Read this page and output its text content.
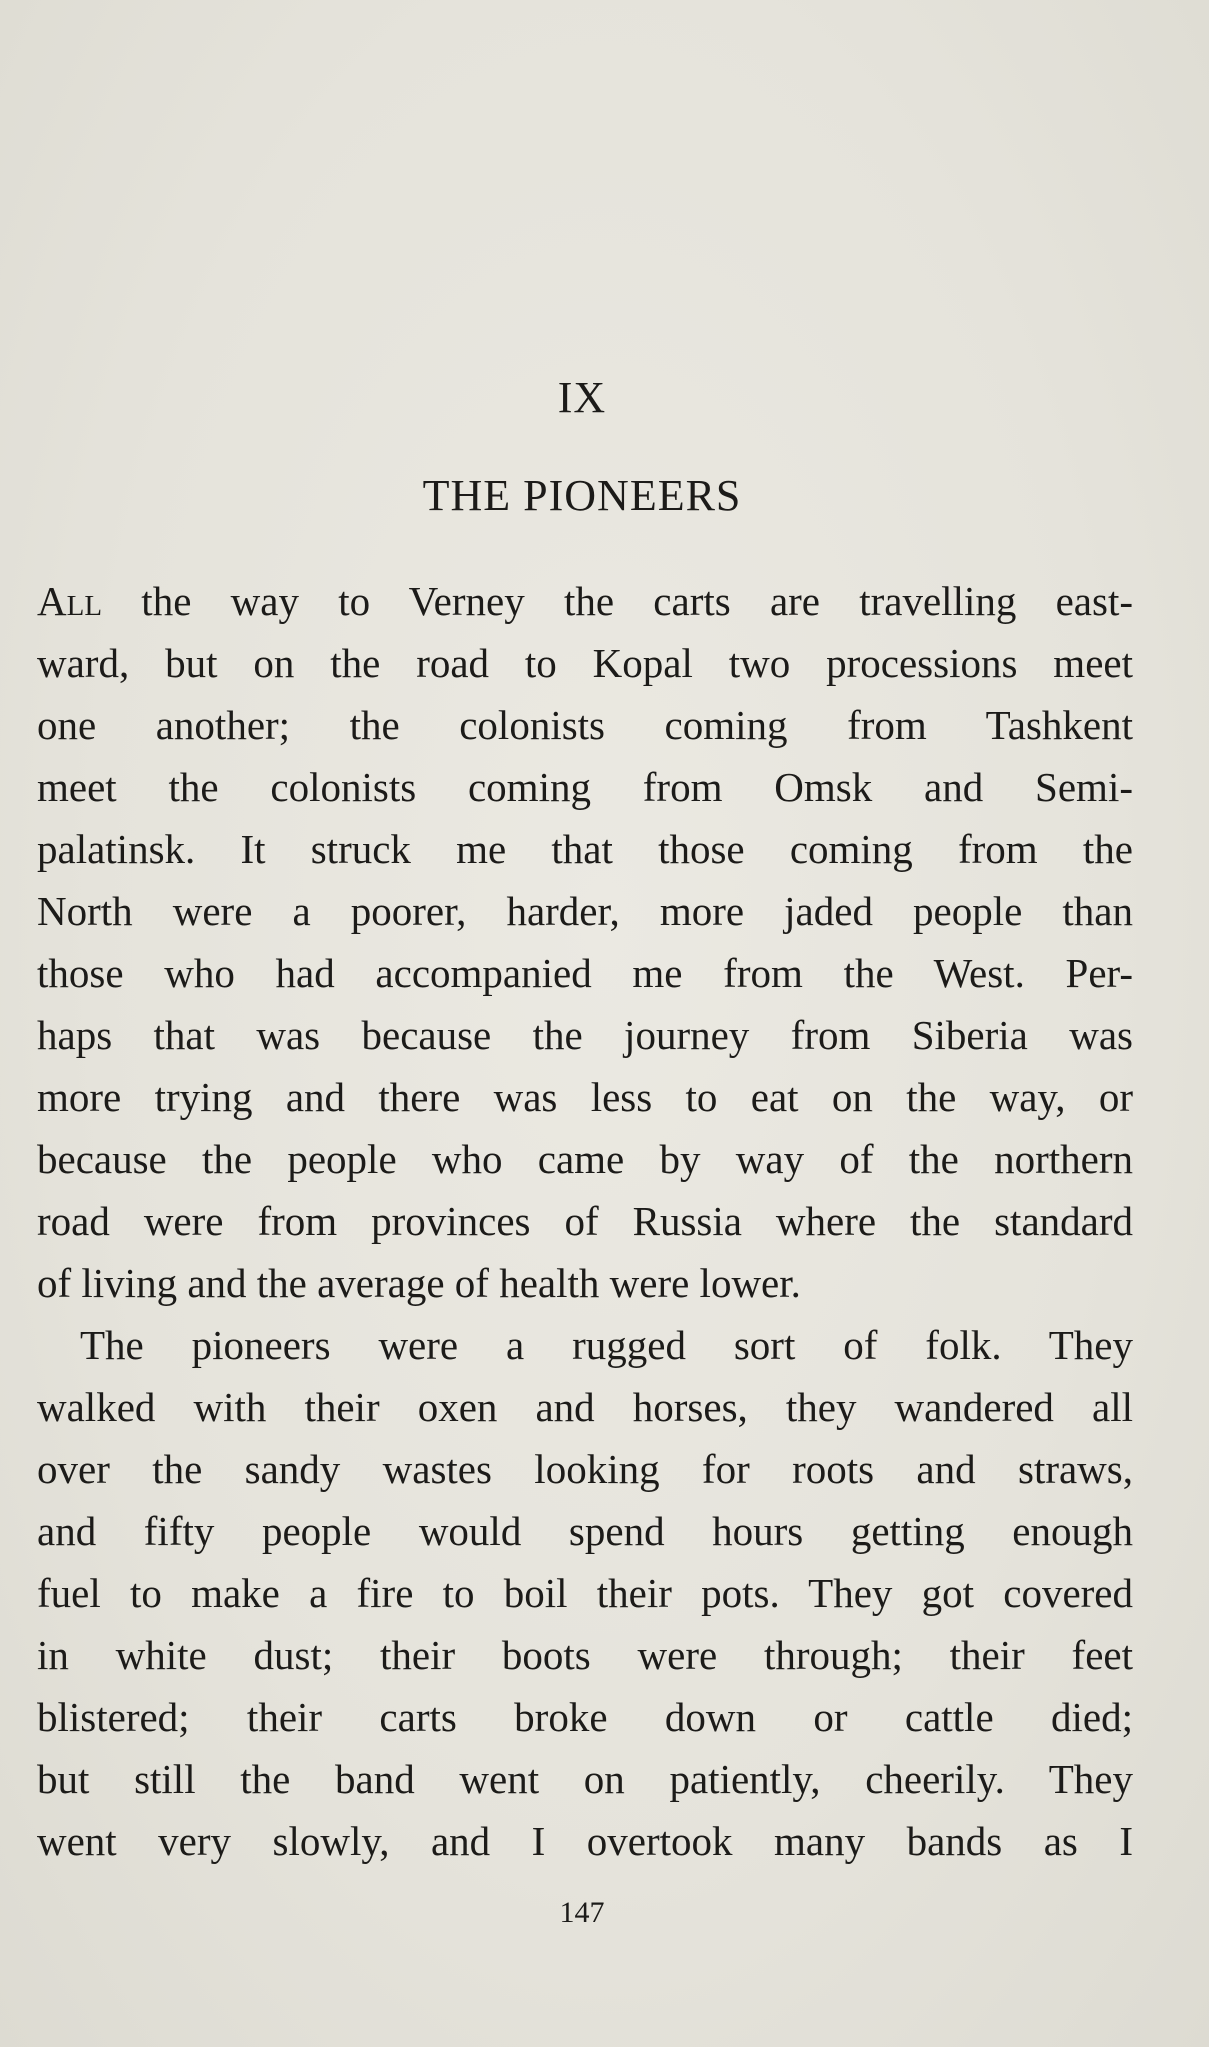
IX
THE PIONEERS
All the way to Verney the carts are travelling east-
ward, but on the road to Kopal two processions meet
one another; the colonists coming from Tashkent
meet the colonists coming from Omsk and Semi-
palatinsk. It struck me that those coming from the
North were a poorer, harder, more jaded people than
those who had accompanied me from the West. Per-
haps that was because the journey from Siberia was
more trying and there was less to eat on the way, or
because the people who came by way of the northern
road were from provinces of Russia where the standard
of living and the average of health were lower.
The pioneers were a rugged sort of folk. They
walked with their oxen and horses, they wandered all
over the sandy wastes looking for roots and straws,
and fifty people would spend hours getting enough
fuel to make a fire to boil their pots. They got covered
in white dust; their boots were through; their feet
blistered; their carts broke down or cattle died;
but still the band went on patiently, cheerily. They
went very slowly, and I overtook many bands as I
147
